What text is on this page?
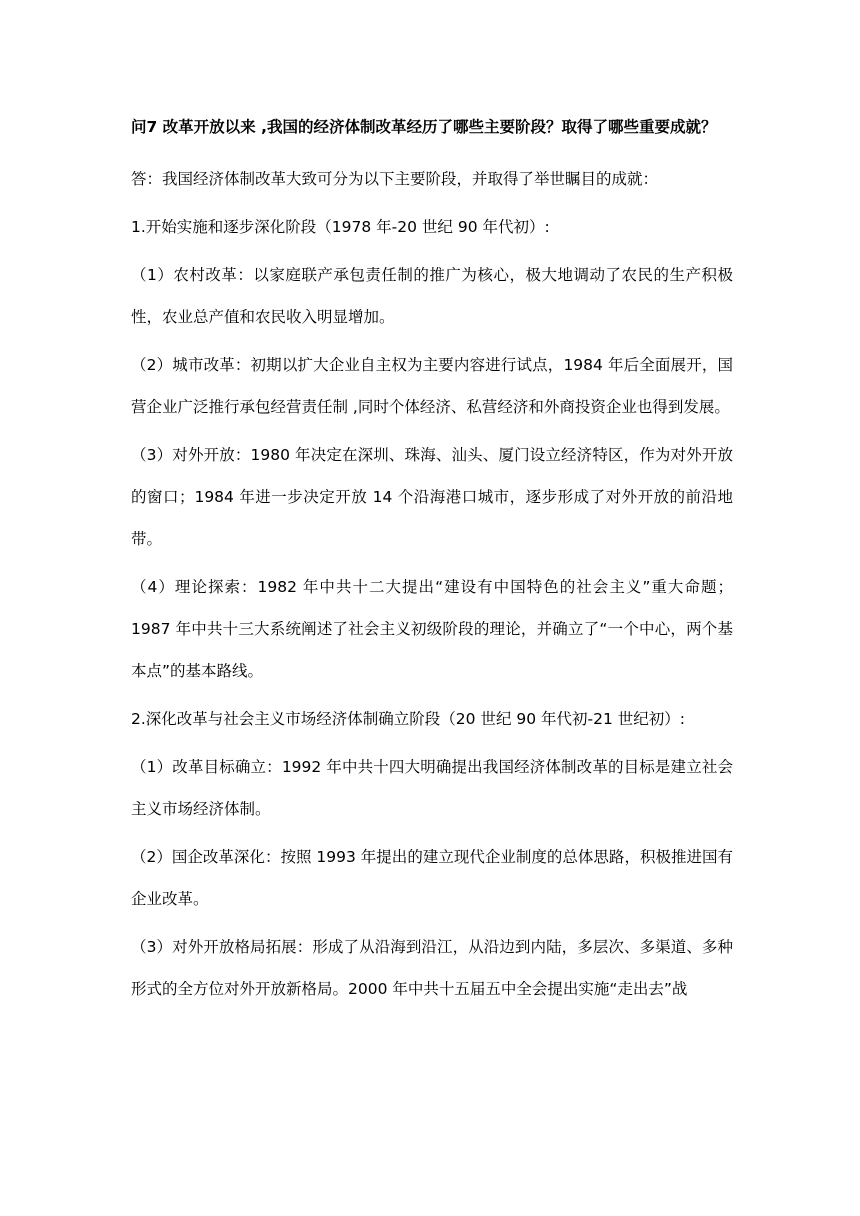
问7 改革开放以来 ,我国的经济体制改革经历了哪些主要阶段？取得了哪些重要成就？
答：我国经济体制改革大致可分为以下主要阶段，并取得了举世瞩目的成就：
1.开始实施和逐步深化阶段（1978 年-20 世纪 90 年代初）:
（1）农村改革：以家庭联产承包责任制的推广为核心，极大地调动了农民的生产积极性，农业总产值和农民收入明显增加。
（2）城市改革：初期以扩大企业自主权为主要内容进行试点，1984 年后全面展开，国营企业广泛推行承包经营责任制 ,同时个体经济、私营经济和外商投资企业也得到发展。
（3）对外开放：1980 年决定在深圳、珠海、汕头、厦门设立经济特区，作为对外开放的窗口；1984 年进一步决定开放 14 个沿海港口城市，逐步形成了对外开放的前沿地带。
（4）理论探索：1982 年中共十二大提出“建设有中国特色的社会主义”重大命题；1987 年中共十三大系统阐述了社会主义初级阶段的理论，并确立了“一个中心，两个基本点”的基本路线。
2.深化改革与社会主义市场经济体制确立阶段（20 世纪 90 年代初-21 世纪初）:
（1）改革目标确立：1992 年中共十四大明确提出我国经济体制改革的目标是建立社会主义市场经济体制。
（2）国企改革深化：按照 1993 年提出的建立现代企业制度的总体思路，积极推进国有企业改革。
（3）对外开放格局拓展：形成了从沿海到沿江，从沿边到内陆，多层次、多渠道、多种形式的全方位对外开放新格局。2000 年中共十五届五中全会提出实施“走出去”战
